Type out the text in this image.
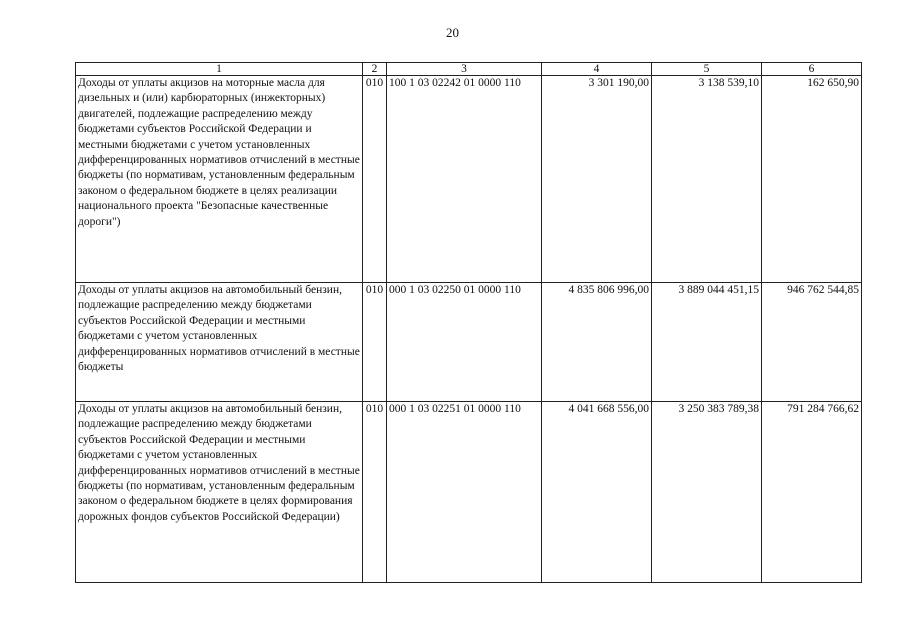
20
1	2	3	4	5	6
Доходы от уплаты акцизов на моторные масла для дизельных и (или) карбюраторных (инжекторных) двигателей, подлежащие распределению между бюджетами субъектов Российской Федерации и местными бюджетами с учетом установленных дифференцированных нормативов отчислений в местные бюджеты (по нормативам, установленным федеральным законом о федеральном бюджете в целях реализации национального проекта "Безопасные качественные дороги")	010	100 1 03 02242 01 0000 110	3 301 190,00	3 138 539,10	162 650,90
Доходы от уплаты акцизов на автомобильный бензин, подлежащие распределению между бюджетами субъектов Российской Федерации и местными бюджетами с учетом установленных дифференцированных нормативов отчислений в местные бюджеты	010	000 1 03 02250 01 0000 110	4 835 806 996,00	3 889 044 451,15	946 762 544,85
Доходы от уплаты акцизов на автомобильный бензин, подлежащие распределению между бюджетами субъектов Российской Федерации и местными бюджетами с учетом установленных дифференцированных нормативов отчислений в местные бюджеты (по нормативам, установленным федеральным законом о федеральном бюджете в целях формирования дорожных фондов субъектов Российской Федерации)	010	000 1 03 02251 01 0000 110	4 041 668 556,00	3 250 383 789,38	791 284 766,62
